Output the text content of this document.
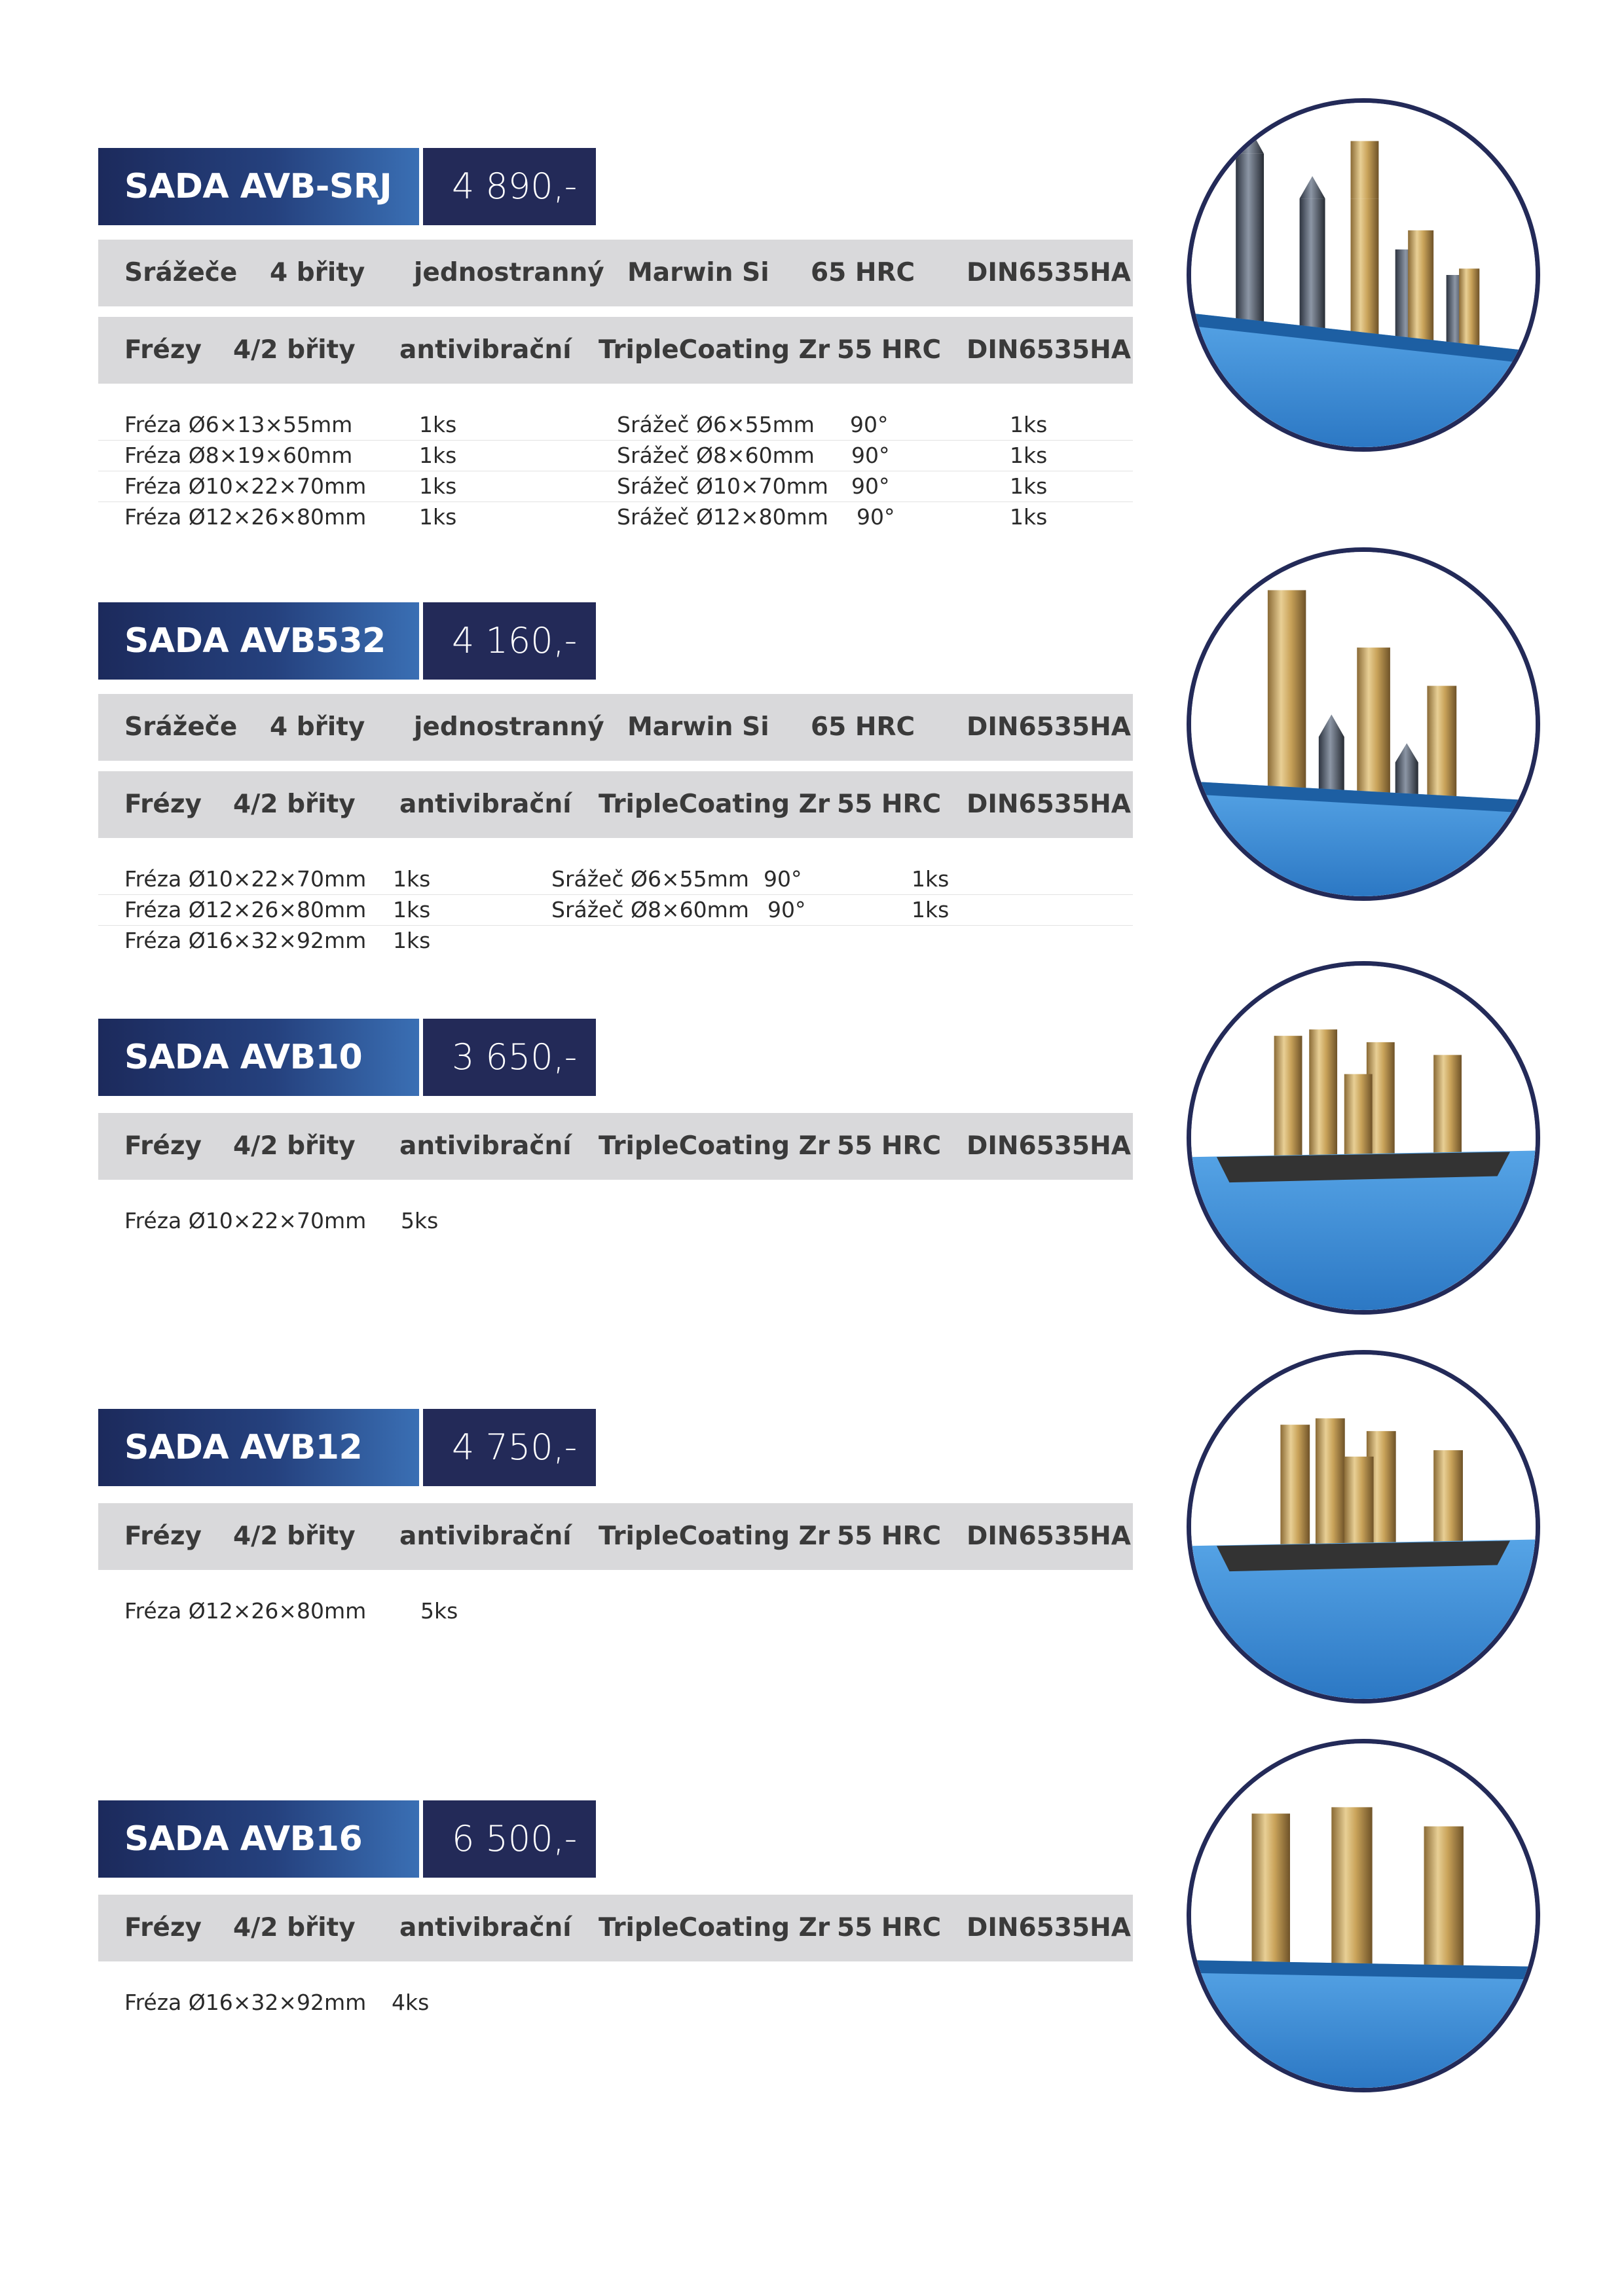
SADA AVB-SRJ	4 890,-
Srážeče 4 břity jednostranný Marwin Si 65 HRC DIN6535HA
Frézy 4/2 břity antivibrační TripleCoating Zr 55 HRC DIN6535HA
Fréza Ø6×13×55mm	1ks	Srážeč Ø6×55mm 90°	1ks
Fréza Ø8×19×60mm	1ks	Srážeč Ø8×60mm 90°	1ks
Fréza Ø10×22×70mm 1ks	Srážeč Ø10×70mm 90°	1ks
Fréza Ø12×26×80mm 1ks	Srážeč Ø12×80mm 90°	1ks
SADA AVB532	4 160,-
Srážeče 4 břity jednostranný Marwin Si 65 HRC DIN6535HA
Frézy 4/2 břity antivibrační TripleCoating Zr 55 HRC DIN6535HA
Fréza Ø10×22×70mm 1ks	Srážeč Ø6×55mm 90°	1ks
Fréza Ø12×26×80mm 1ks	Srážeč Ø8×60mm 90°	1ks
Fréza Ø16×32×92mm 1ks
SADA AVB10	3 650,-
Frézy 4/2 břity antivibrační TripleCoating Zr 55 HRC DIN6535HA
Fréza Ø10×22×70mm 5ks
SADA AVB12	4 750,-
Frézy 4/2 břity antivibrační TripleCoating Zr 55 HRC DIN6535HA
Fréza Ø12×26×80mm	5ks
SADA AVB16	6 500,-
Frézy 4/2 břity antivibrační TripleCoating Zr 55 HRC DIN6535HA
Fréza Ø16×32×92mm 4ks
